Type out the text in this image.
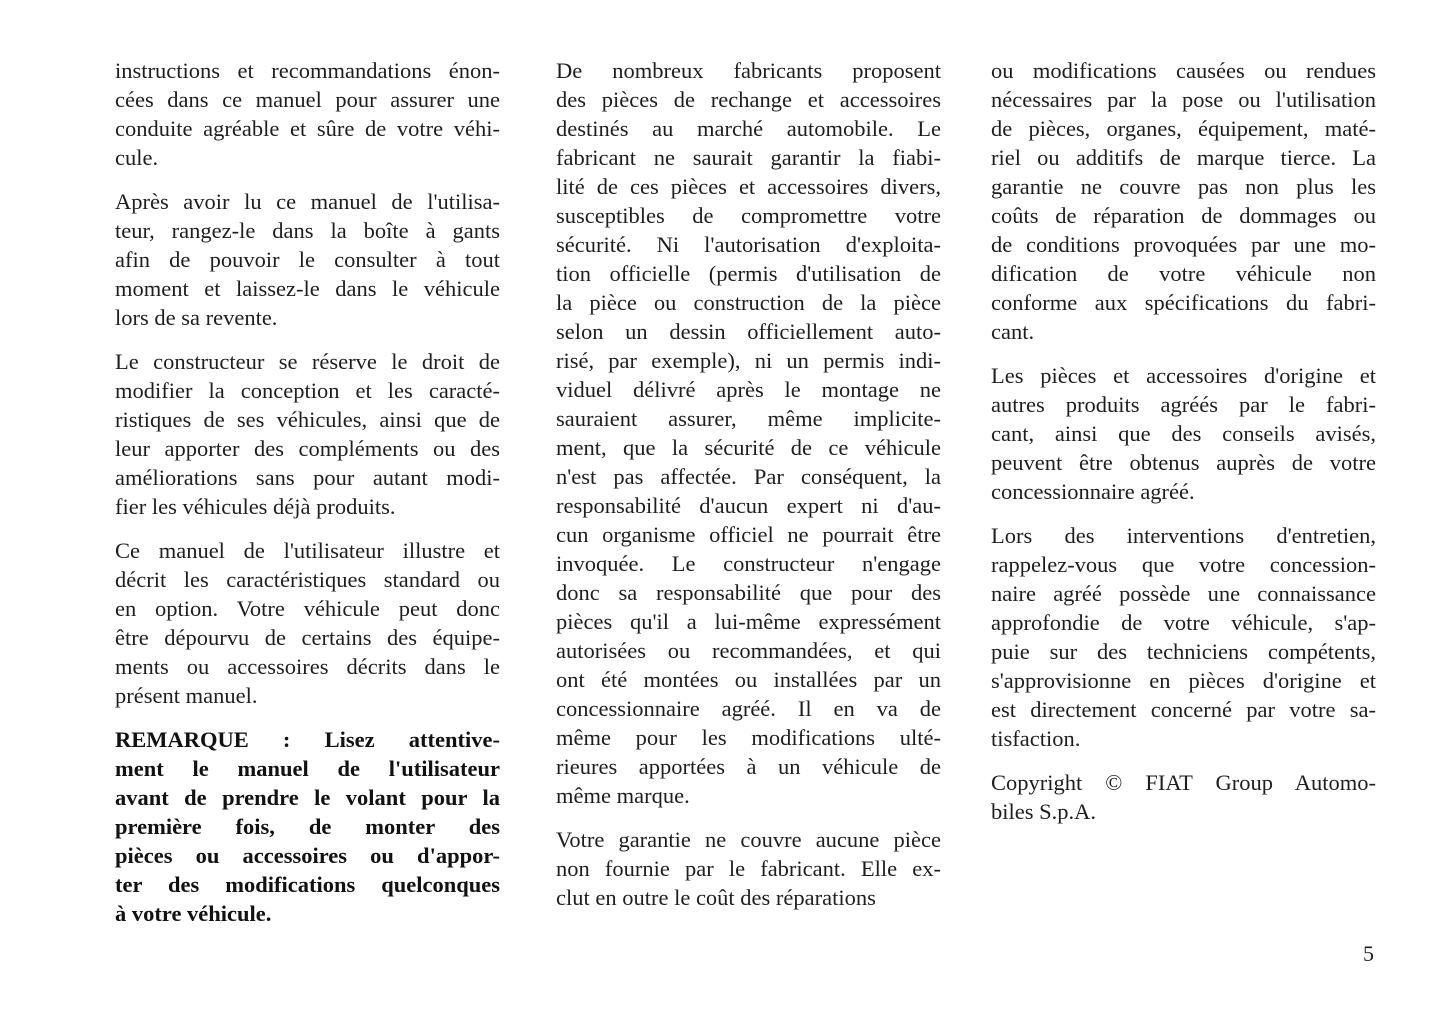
instructions et recommandations énon-
cées dans ce manuel pour assurer une
conduite agréable et sûre de votre véhi-
cule.
Après avoir lu ce manuel de l'utilisa-
teur, rangez-le dans la boîte à gants
afin de pouvoir le consulter à tout
moment et laissez-le dans le véhicule
lors de sa revente.
Le constructeur se réserve le droit de
modifier la conception et les caracté-
ristiques de ses véhicules, ainsi que de
leur apporter des compléments ou des
améliorations sans pour autant modi-
fier les véhicules déjà produits.
Ce manuel de l'utilisateur illustre et
décrit les caractéristiques standard ou
en option. Votre véhicule peut donc
être dépourvu de certains des équipe-
ments ou accessoires décrits dans le
présent manuel.
REMARQUE : Lisez attentive-
ment le manuel de l'utilisateur
avant de prendre le volant pour la
première fois, de monter des
pièces ou accessoires ou d'appor-
ter des modifications quelconques
à votre véhicule.
De nombreux fabricants proposent
des pièces de rechange et accessoires
destinés au marché automobile. Le
fabricant ne saurait garantir la fiabi-
lité de ces pièces et accessoires divers,
susceptibles de compromettre votre
sécurité. Ni l'autorisation d'exploita-
tion officielle (permis d'utilisation de
la pièce ou construction de la pièce
selon un dessin officiellement auto-
risé, par exemple), ni un permis indi-
viduel délivré après le montage ne
sauraient assurer, même implicite-
ment, que la sécurité de ce véhicule
n'est pas affectée. Par conséquent, la
responsabilité d'aucun expert ni d'au-
cun organisme officiel ne pourrait être
invoquée. Le constructeur n'engage
donc sa responsabilité que pour des
pièces qu'il a lui-même expressément
autorisées ou recommandées, et qui
ont été montées ou installées par un
concessionnaire agréé. Il en va de
même pour les modifications ulté-
rieures apportées à un véhicule de
même marque.
Votre garantie ne couvre aucune pièce
non fournie par le fabricant. Elle ex-
clut en outre le coût des réparations
ou modifications causées ou rendues
nécessaires par la pose ou l'utilisation
de pièces, organes, équipement, maté-
riel ou additifs de marque tierce. La
garantie ne couvre pas non plus les
coûts de réparation de dommages ou
de conditions provoquées par une mo-
dification de votre véhicule non
conforme aux spécifications du fabri-
cant.
Les pièces et accessoires d'origine et
autres produits agréés par le fabri-
cant, ainsi que des conseils avisés,
peuvent être obtenus auprès de votre
concessionnaire agréé.
Lors des interventions d'entretien,
rappelez-vous que votre concession-
naire agréé possède une connaissance
approfondie de votre véhicule, s'ap-
puie sur des techniciens compétents,
s'approvisionne en pièces d'origine et
est directement concerné par votre sa-
tisfaction.
Copyright © FIAT Group Automo-
biles S.p.A.
5
